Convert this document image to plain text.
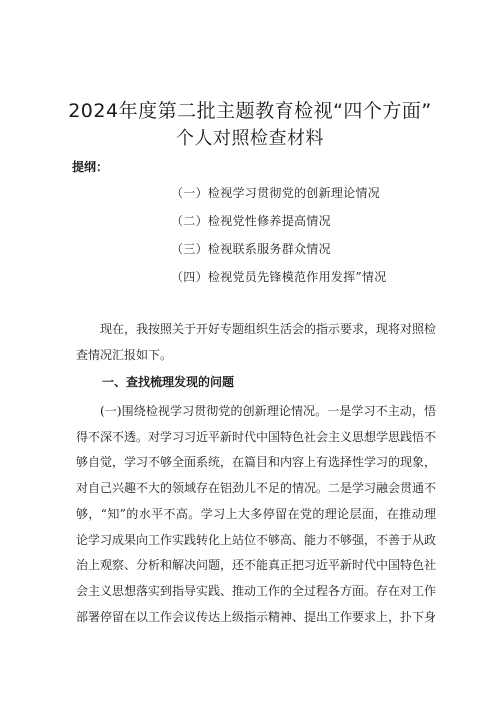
2024年度第二批主题教育检视“四个方面”
个人对照检查材料
提纲：
（一）检视学习贯彻党的创新理论情况
（二）检视党性修养提高情况
（三）检视联系服务群众情况
（四）检视党员先锋模范作用发挥”情况

现在，我按照关于开好专题组织生活会的指示要求，现将对照检查情况汇报如下。

一、查找梳理发现的问题

(一)围绕检视学习贯彻党的创新理论情况。一是学习不主动，悟得不深不透。对学习习近平新时代中国特色社会主义思想学思践悟不够自觉，学习不够全面系统，在篇目和内容上有选择性学习的现象，对自己兴趣不大的领域存在铝劲儿不足的情况。二是学习融会贯通不够，“知”的水平不高。学习上大多停留在党的理论层面，在推动理论学习成果向工作实践转化上站位不够高、能力不够强，不善于从政治上观察、分析和解决问题，还不能真正把习近平新时代中国特色社会主义思想落实到指导实践、推动工作的全过程各方面。存在对工作部署停留在以工作会议传达上级指示精神、提出工作要求上，扑下身
